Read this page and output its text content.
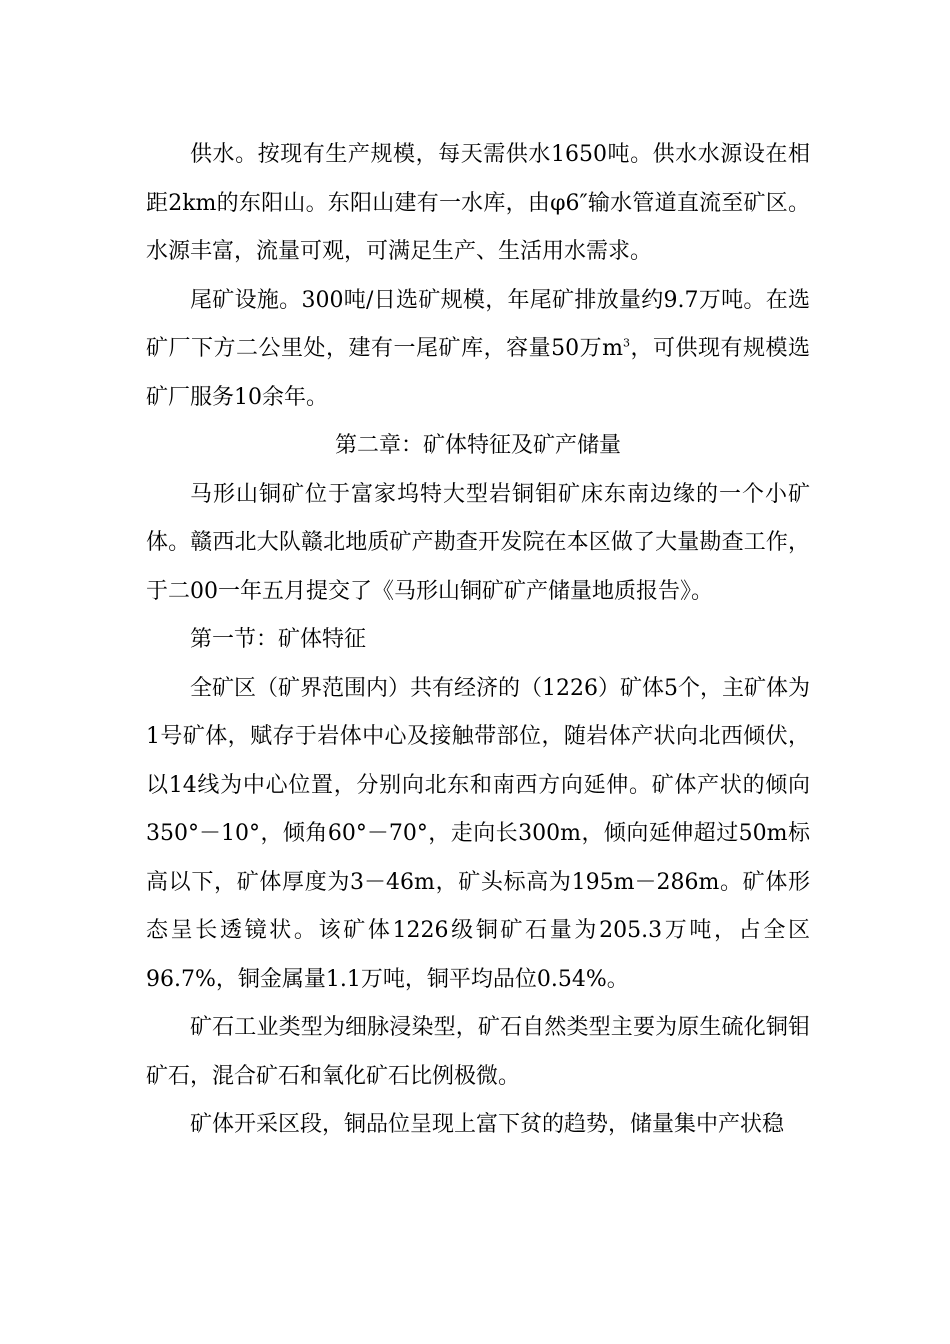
供水。按现有生产规模，每天需供水1650吨。供水水源设在相距2km的东阳山。东阳山建有一水库，由φ6″输水管道直流至矿区。水源丰富，流量可观，可满足生产、生活用水需求。

尾矿设施。300吨/日选矿规模，年尾矿排放量约9.7万吨。在选矿厂下方二公里处，建有一尾矿库，容量50万$m^3$，可供现有规模选矿厂服务10余年。

第二章：矿体特征及矿产储量

马形山铜矿位于富家坞特大型岩铜钼矿床东南边缘的一个小矿体。赣西北大队赣北地质矿产勘查开发院在本区做了大量勘查工作，于二00一年五月提交了《马形山铜矿矿产储量地质报告》。

第一节：矿体特征

全矿区（矿界范围内）共有经济的（1226）矿体5个，主矿体为1号矿体，赋存于岩体中心及接触带部位，随岩体产状向北西倾伏，以14线为中心位置，分别向北东和南西方向延伸。矿体产状的倾向350°－10°，倾角60°－70°，走向长300m，倾向延伸超过50m标高以下，矿体厚度为3－46m，矿头标高为195m－286m。矿体形态呈长透镜状。该矿体1226级铜矿石量为205.3万吨，占全区96.7%，铜金属量1.1万吨，铜平均品位0.54%。

矿石工业类型为细脉浸染型，矿石自然类型主要为原生硫化铜钼矿石，混合矿石和氧化矿石比例极微。

矿体开采区段，铜品位呈现上富下贫的趋势，储量集中产状稳
